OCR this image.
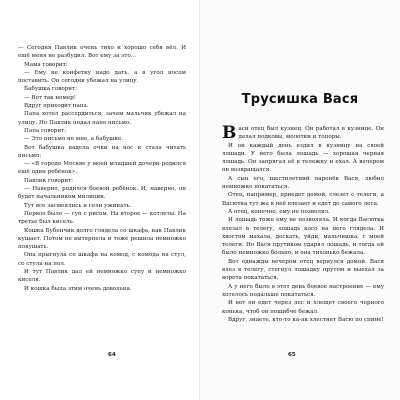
— Сегодня Павлик очень тихо и хорошо себя вёл. И ещё меня не разбудил. Вот ему за это...

Мама говорит:

— Ему не конфетку надо дать, а в угол носом поставить. Он сегодня убежал на улицу.

Бабушка говорит:

— Вот так номер!

Вдруг приходит папа.

Папа хотел рассердиться, зачем мальчик убежал на улицу. Но Павлик подал папе письмо.

Папа говорит:

— Это письмо не мне, а бабушке.

Вот бабушка надела очки на нос и стала читать письмо:

— «В городе Москве у моей младшей дочери родился ещё один ребёнок».

Павлик говорит:

— Наверно, родился боевой ребёнок. И, наверно, он будет начальником милиции.

Тут все засмеялись и сели ужинать.

Первое было — суп с рисом. На второе — котлеты. На третье был кисель.

Кошка Бубенчик долго глядела со шкафа, как Павлик кушает. Потом не вытерпела и тоже решила немножко покушать.

Она прыгнула со шкафа на комод, с комода на стул, со стула на пол.

И тут Павлик дал ей немножко супу и немножко киселя.

И кошка была этим очень довольна.

64
Трусишка Вася

Васи отец был кузнец. Он работал в кузнице. Он делал подковы, молотки и топоры.

И он каждый день ездил в кузницу на своей лошади. У него была лошадь — хорошая черная лошадь. Он запрягал её в тележку и ехал. А вечером он возвращался.

А сын его, шестилетний паренёк Вася, любил немножко покататься.

Отец, например, приедет домой, слезет с телеги, а Васютка тут же в неё влезает и едет до самого леса.

А отец, конечно, ему не позволял.

И лошадь тоже ему не позволяла. И когда Васютка влезал в телегу, лошадь косо на него глядела. И хвостом махала, дескать, уйди, мальчишка, с моей телеги. Но Вася прутиком ударял лошадь, и тогда ей было немножко больно, и она тихонько бежала.

Вот однажды вечером отец вернулся домой. Вася влез в телегу, стегнул лошадку прутом и выехал за ворота покататься.

А у него было в этот день боевое настроение — ему хотелось подальше покататься.

И вот он едет через лес и хлещет своего черного конька, чтоб он пошибче бежал.

Вдруг, знаете, кто-то ка-ак хлестнет Васю по спине!

65
